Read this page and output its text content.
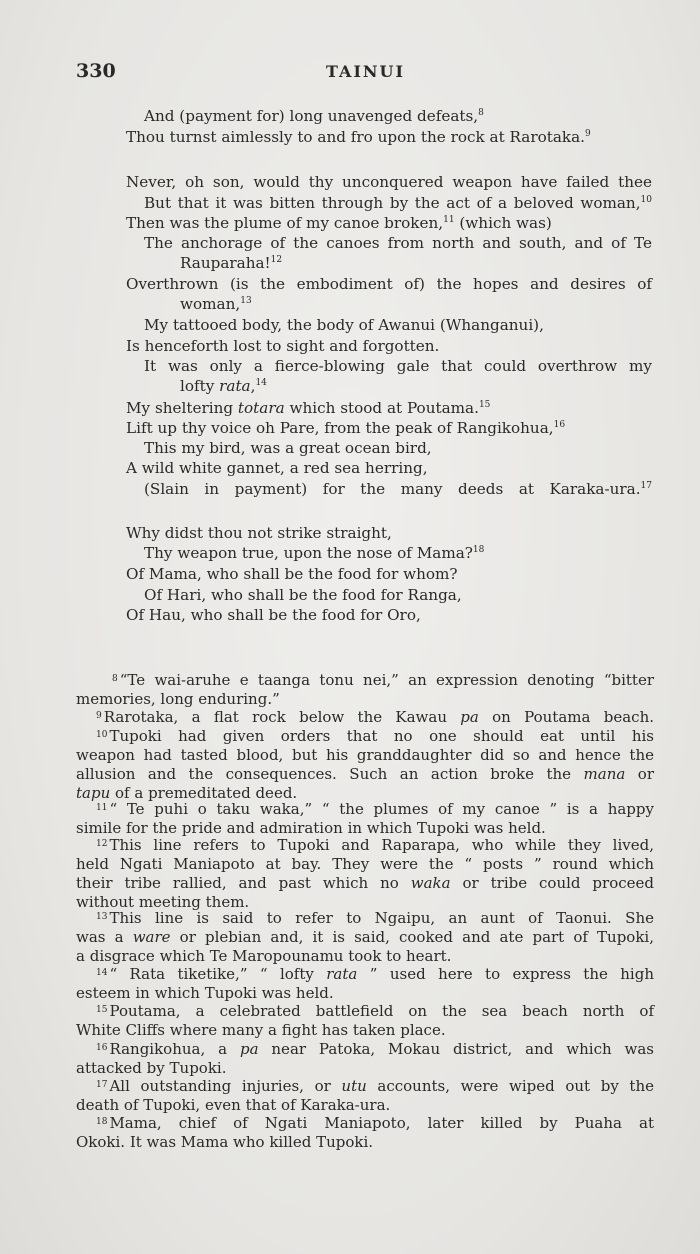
330	TAINUI
And (payment for) long unavenged defeats,$^8$
Thou turnst aimlessly to and fro upon the rock at Rarotaka.$^9$
Never, oh son, would thy unconquered weapon have failed thee
But that it was bitten through by the act of a beloved woman,$^{10}$
Then was the plume of my canoe broken,$^{11}$ (which was)
The anchorage of the canoes from north and south, and of Te
Rauparaha!$^{12}$
Overthrown (is the embodiment of) the hopes and desires of
woman,$^{13}$
My tattooed body, the body of Awanui (Whanganui),
Is henceforth lost to sight and forgotten.
It was only a fierce-blowing gale that could overthrow my
lofty rata,$^{14}$
My sheltering totara which stood at Poutama.$^{15}$
Lift up thy voice oh Pare, from the peak of Rangikohua,$^{16}$
This my bird, was a great ocean bird,
A wild white gannet, a red sea herring,
(Slain in payment) for the many deeds at Karaka-ura.$^{17}$
Why didst thou not strike straight,
Thy weapon true, upon the nose of Mama?$^{18}$
Of Mama, who shall be the food for whom?
Of Hari, who shall be the food for Ranga,
Of Hau, who shall be the food for Oro,
$^8$ “Te wai-aruhe e taanga tonu nei,” an expression denoting “bitter
memories, long enduring.”
$^9$ Rarotaka, a flat rock below the Kawau pa on Poutama beach.
$^{10}$ Tupoki had given orders that no one should eat until his
weapon had tasted blood, but his granddaughter did so and hence the
allusion and the consequences. Such an action broke the mana or
tapu of a premeditated deed.
$^{11}$ “ Te puhi o taku waka,” “ the plumes of my canoe ” is a happy
simile for the pride and admiration in which Tupoki was held.
$^{12}$ This line refers to Tupoki and Raparapa, who while they lived,
held Ngati Maniapoto at bay. They were the “ posts ” round which
their tribe rallied, and past which no waka or tribe could proceed
without meeting them.
$^{13}$ This line is said to refer to Ngaipu, an aunt of Taonui. She
was a ware or plebian and, it is said, cooked and ate part of Tupoki,
a disgrace which Te Maropounamu took to heart.
$^{14}$ “ Rata tiketike,” “ lofty rata ” used here to express the high
esteem in which Tupoki was held.
$^{15}$ Poutama, a celebrated battlefield on the sea beach north of
White Cliffs where many a fight has taken place.
$^{16}$ Rangikohua, a pa near Patoka, Mokau district, and which was
attacked by Tupoki.
$^{17}$ All outstanding injuries, or utu accounts, were wiped out by the
death of Tupoki, even that of Karaka-ura.
$^{18}$ Mama, chief of Ngati Maniapoto, later killed by Puaha at
Okoki. It was Mama who killed Tupoki.
